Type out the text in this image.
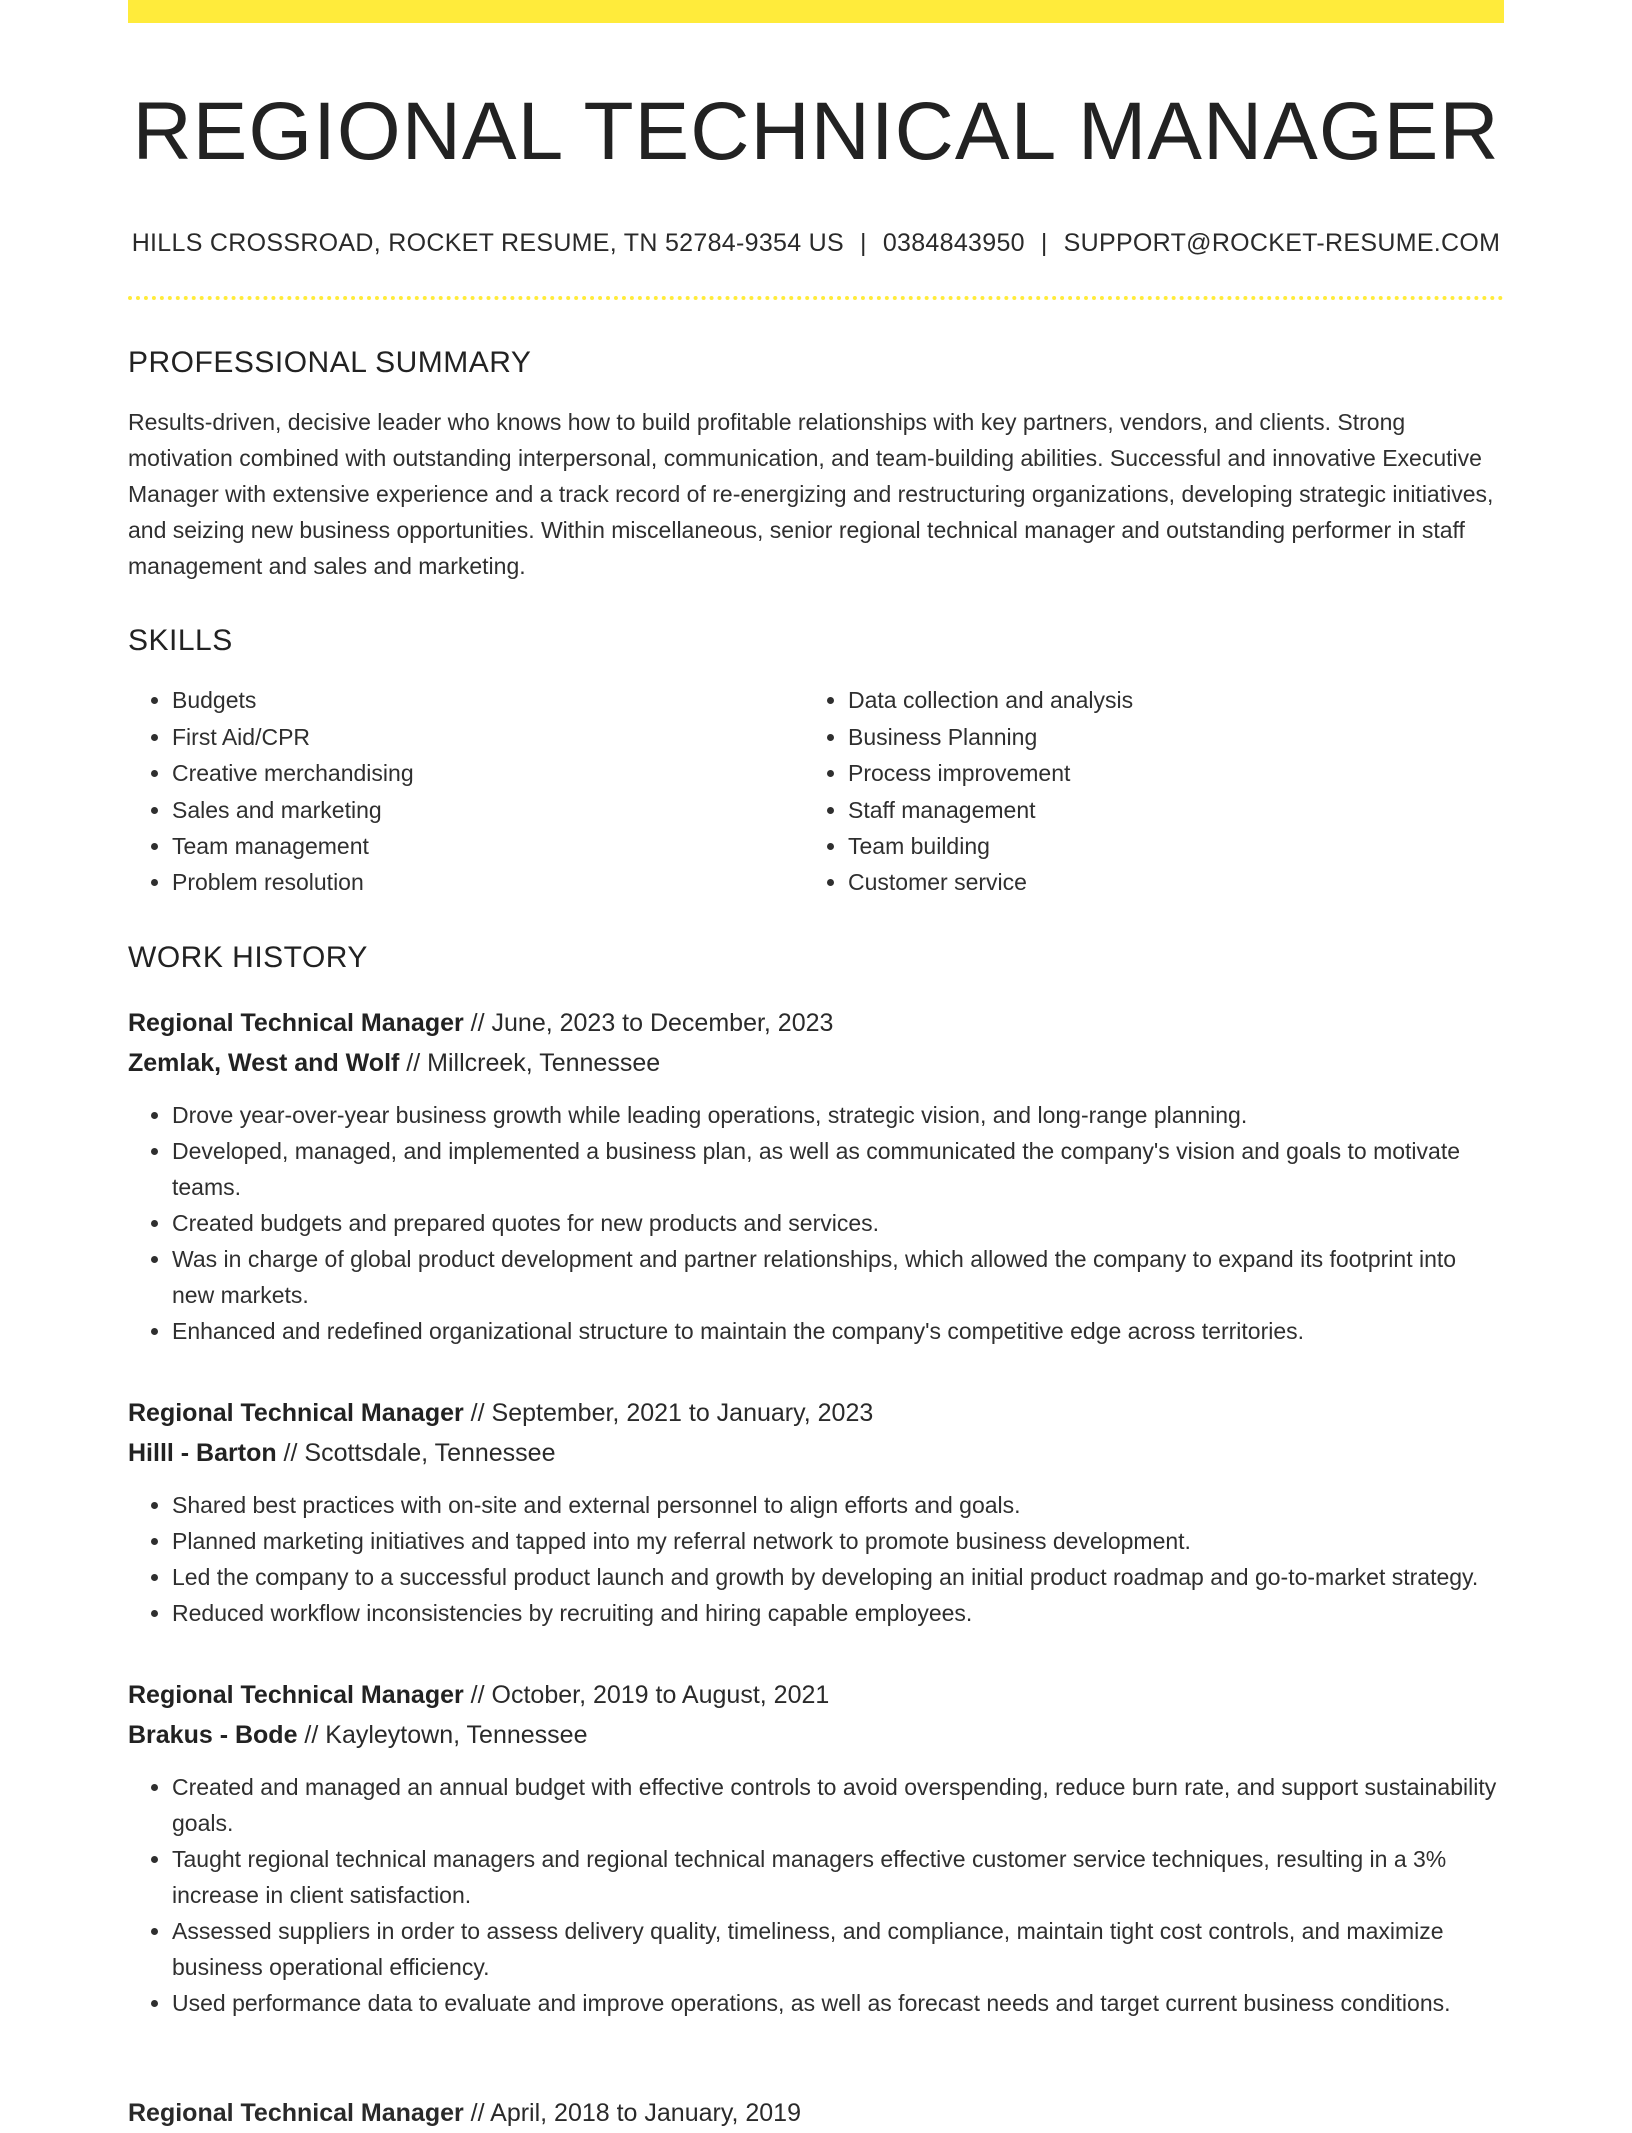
REGIONAL TECHNICAL MANAGER
HILLS CROSSROAD, ROCKET RESUME, TN 52784-9354 US | 0384843950 | SUPPORT@ROCKET-RESUME.COM
PROFESSIONAL SUMMARY

Results-driven, decisive leader who knows how to build profitable relationships with key partners, vendors, and clients. Strong motivation combined with outstanding interpersonal, communication, and team-building abilities. Successful and innovative Executive Manager with extensive experience and a track record of re-energizing and restructuring organizations, developing strategic initiatives, and seizing new business opportunities. Within miscellaneous, senior regional technical manager and outstanding performer in staff management and sales and marketing.

SKILLS
• Budgets
• First Aid/CPR
• Creative merchandising
• Sales and marketing
• Team management
• Problem resolution
• Data collection and analysis
• Business Planning
• Process improvement
• Staff management
• Team building
• Customer service
WORK HISTORY
Regional Technical Manager // June, 2023 to December, 2023
Zemlak, West and Wolf // Millcreek, Tennessee
• Drove year-over-year business growth while leading operations, strategic vision, and long-range planning.
• Developed, managed, and implemented a business plan, as well as communicated the company's vision and goals to motivate teams.
• Created budgets and prepared quotes for new products and services.
• Was in charge of global product development and partner relationships, which allowed the company to expand its footprint into new markets.
• Enhanced and redefined organizational structure to maintain the company's competitive edge across territories.
Regional Technical Manager // September, 2021 to January, 2023
Hilll - Barton // Scottsdale, Tennessee
• Shared best practices with on-site and external personnel to align efforts and goals.
• Planned marketing initiatives and tapped into my referral network to promote business development.
• Led the company to a successful product launch and growth by developing an initial product roadmap and go-to-market strategy.
• Reduced workflow inconsistencies by recruiting and hiring capable employees.
Regional Technical Manager // October, 2019 to August, 2021
Brakus - Bode // Kayleytown, Tennessee
• Created and managed an annual budget with effective controls to avoid overspending, reduce burn rate, and support sustainability goals.
• Taught regional technical managers and regional technical managers effective customer service techniques, resulting in a 3% increase in client satisfaction.
• Assessed suppliers in order to assess delivery quality, timeliness, and compliance, maintain tight cost controls, and maximize business operational efficiency.
• Used performance data to evaluate and improve operations, as well as forecast needs and target current business conditions.
Regional Technical Manager // April, 2018 to January, 2019
